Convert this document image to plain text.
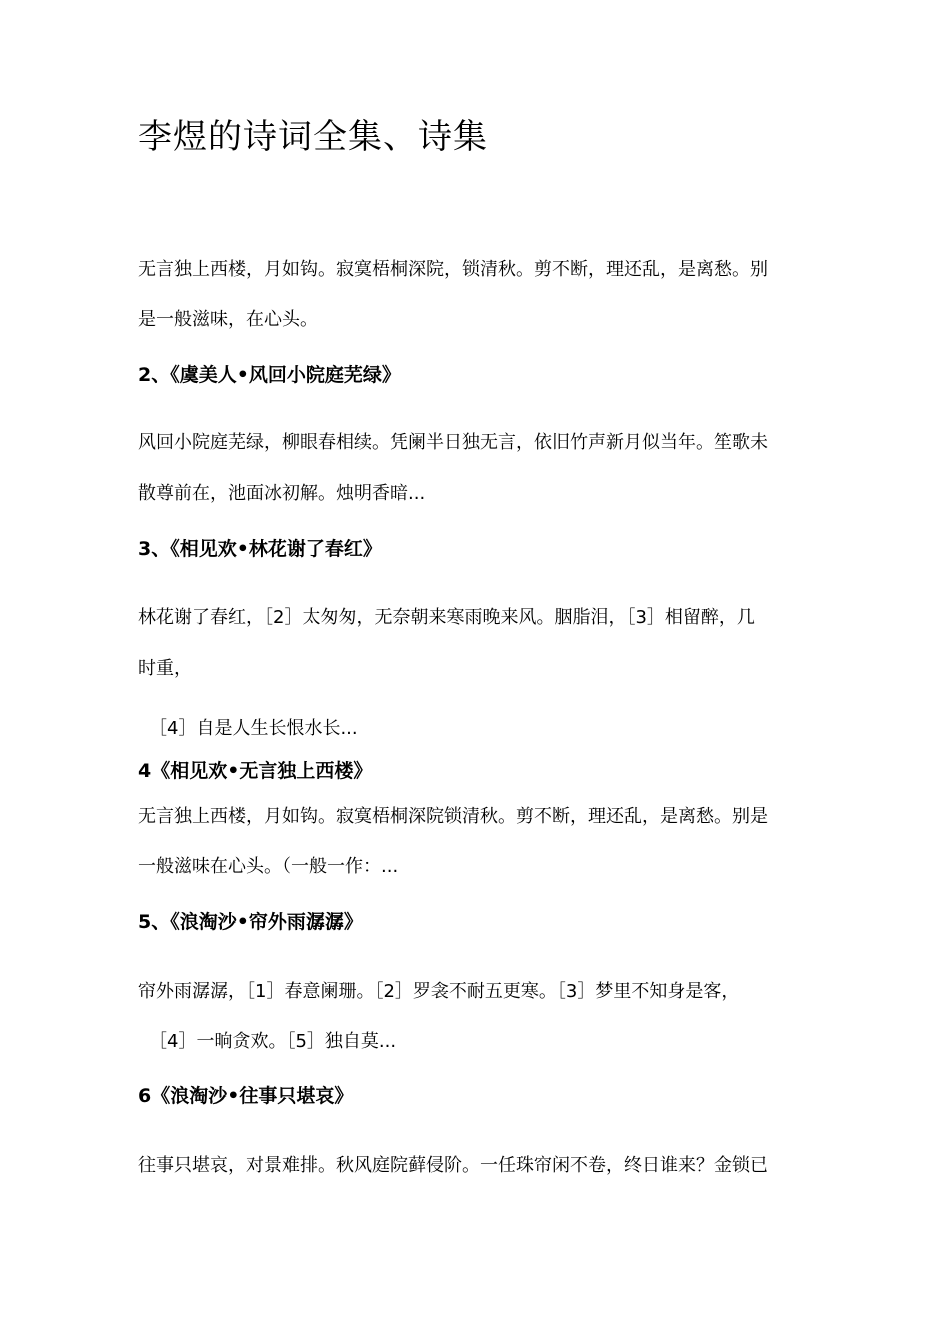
李煜的诗词全集、诗集

无言独上西楼，月如钩。寂寞梧桐深院，锁清秋。剪不断，理还乱，是离愁。别

是一般滋味，在心头。

2、《虞美人•风回小院庭芜绿》

风回小院庭芜绿，柳眼春相续。凭阑半日独无言，依旧竹声新月似当年。笙歌未

散尊前在，池面冰初解。烛明香暗...

3、《相见欢•林花谢了春红》

林花谢了春红，［2］太匆匆，无奈朝来寒雨晚来风。胭脂泪，［3］相留醉，几

时重，

［4］自是人生长恨水长...

4《相见欢•无言独上西楼》

无言独上西楼，月如钩。寂寞梧桐深院锁清秋。剪不断，理还乱，是离愁。别是

一般滋味在心头。（一般一作：...

5、《浪淘沙•帘外雨潺潺》

帘外雨潺潺，［1］春意阑珊。［2］罗衾不耐五更寒。［3］梦里不知身是客，

［4］一晌贪欢。［5］独自莫...

6《浪淘沙•往事只堪哀》

往事只堪哀，对景难排。秋风庭院藓侵阶。一任珠帘闲不卷，终日谁来？金锁已
